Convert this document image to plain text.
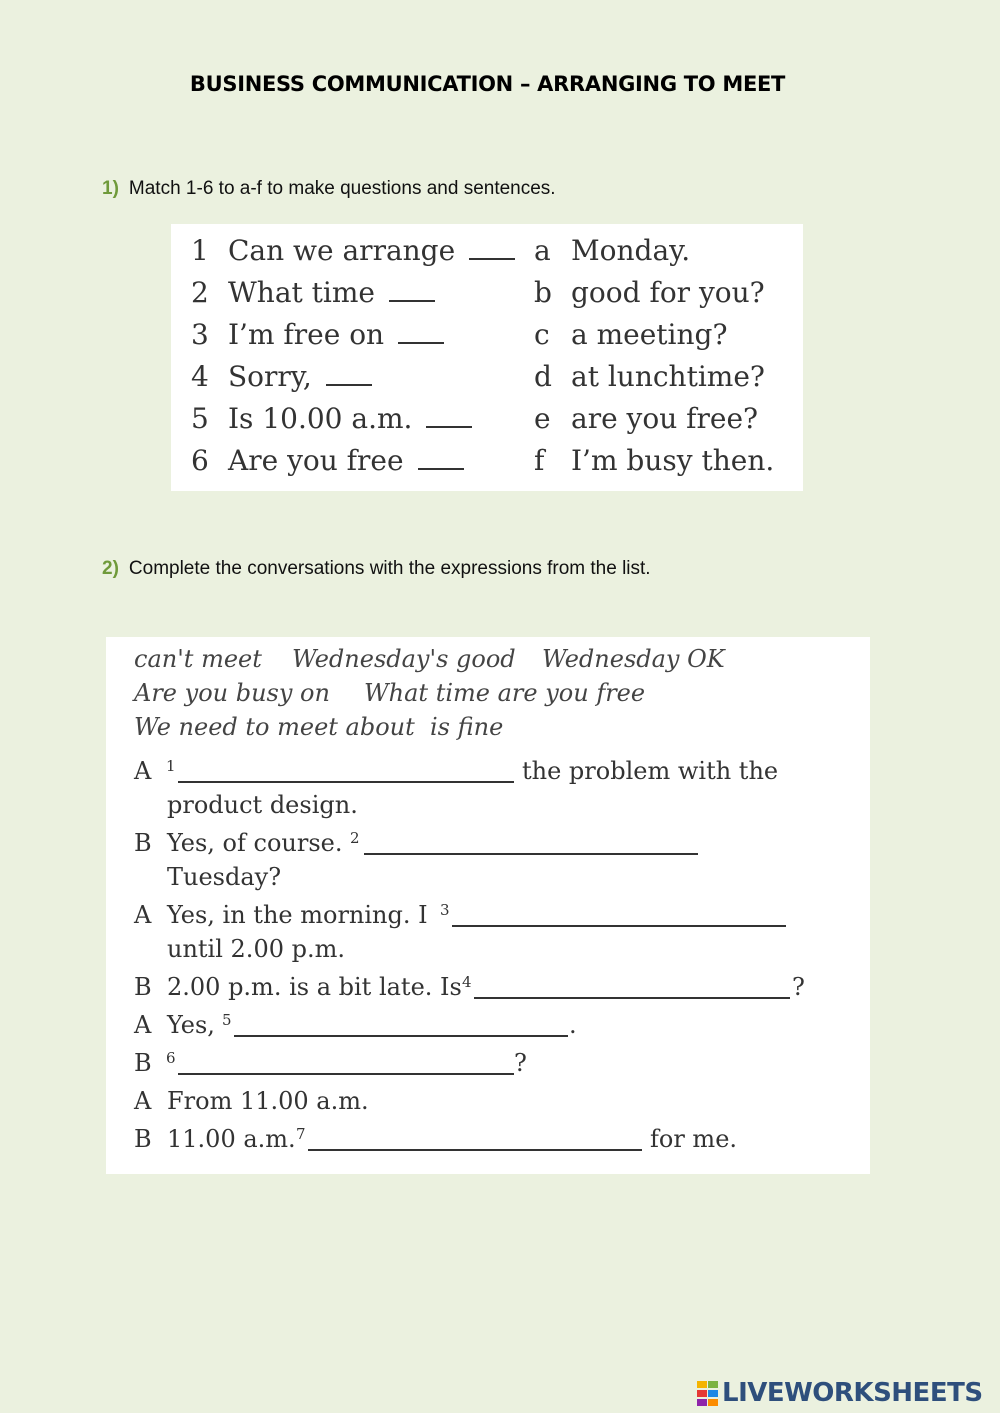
BUSINESS COMMUNICATION – ARRANGING TO MEET
1) Match 1-6 to a-f to make questions and sentences.
1 Can we arrange	a Monday.
2 What time	b good for you?
3 I’m free on	c a meeting?
4 Sorry,	d at lunchtime?
5 Is 10.00 a.m.	e are you free?
6 Are you free	f I’m busy then.
2) Complete the conversations with the expressions from the list.
can't meet Wednesday's good Wednesday OK
Are you busy on What time are you free
We need to meet about is fine
A $^1$	the problem with the
product design.
B Yes, of course. $^2$
Tuesday?
A Yes, in the morning. I $^3$
until 2.00 p.m.
B 2.00 p.m. is a bit late. Is $^4$	?
A Yes, $^5$	.
B $^6$	?
A From 11.00 a.m.
B 11.00 a.m. $^7$	for me.
LIVEWORKSHEETS
